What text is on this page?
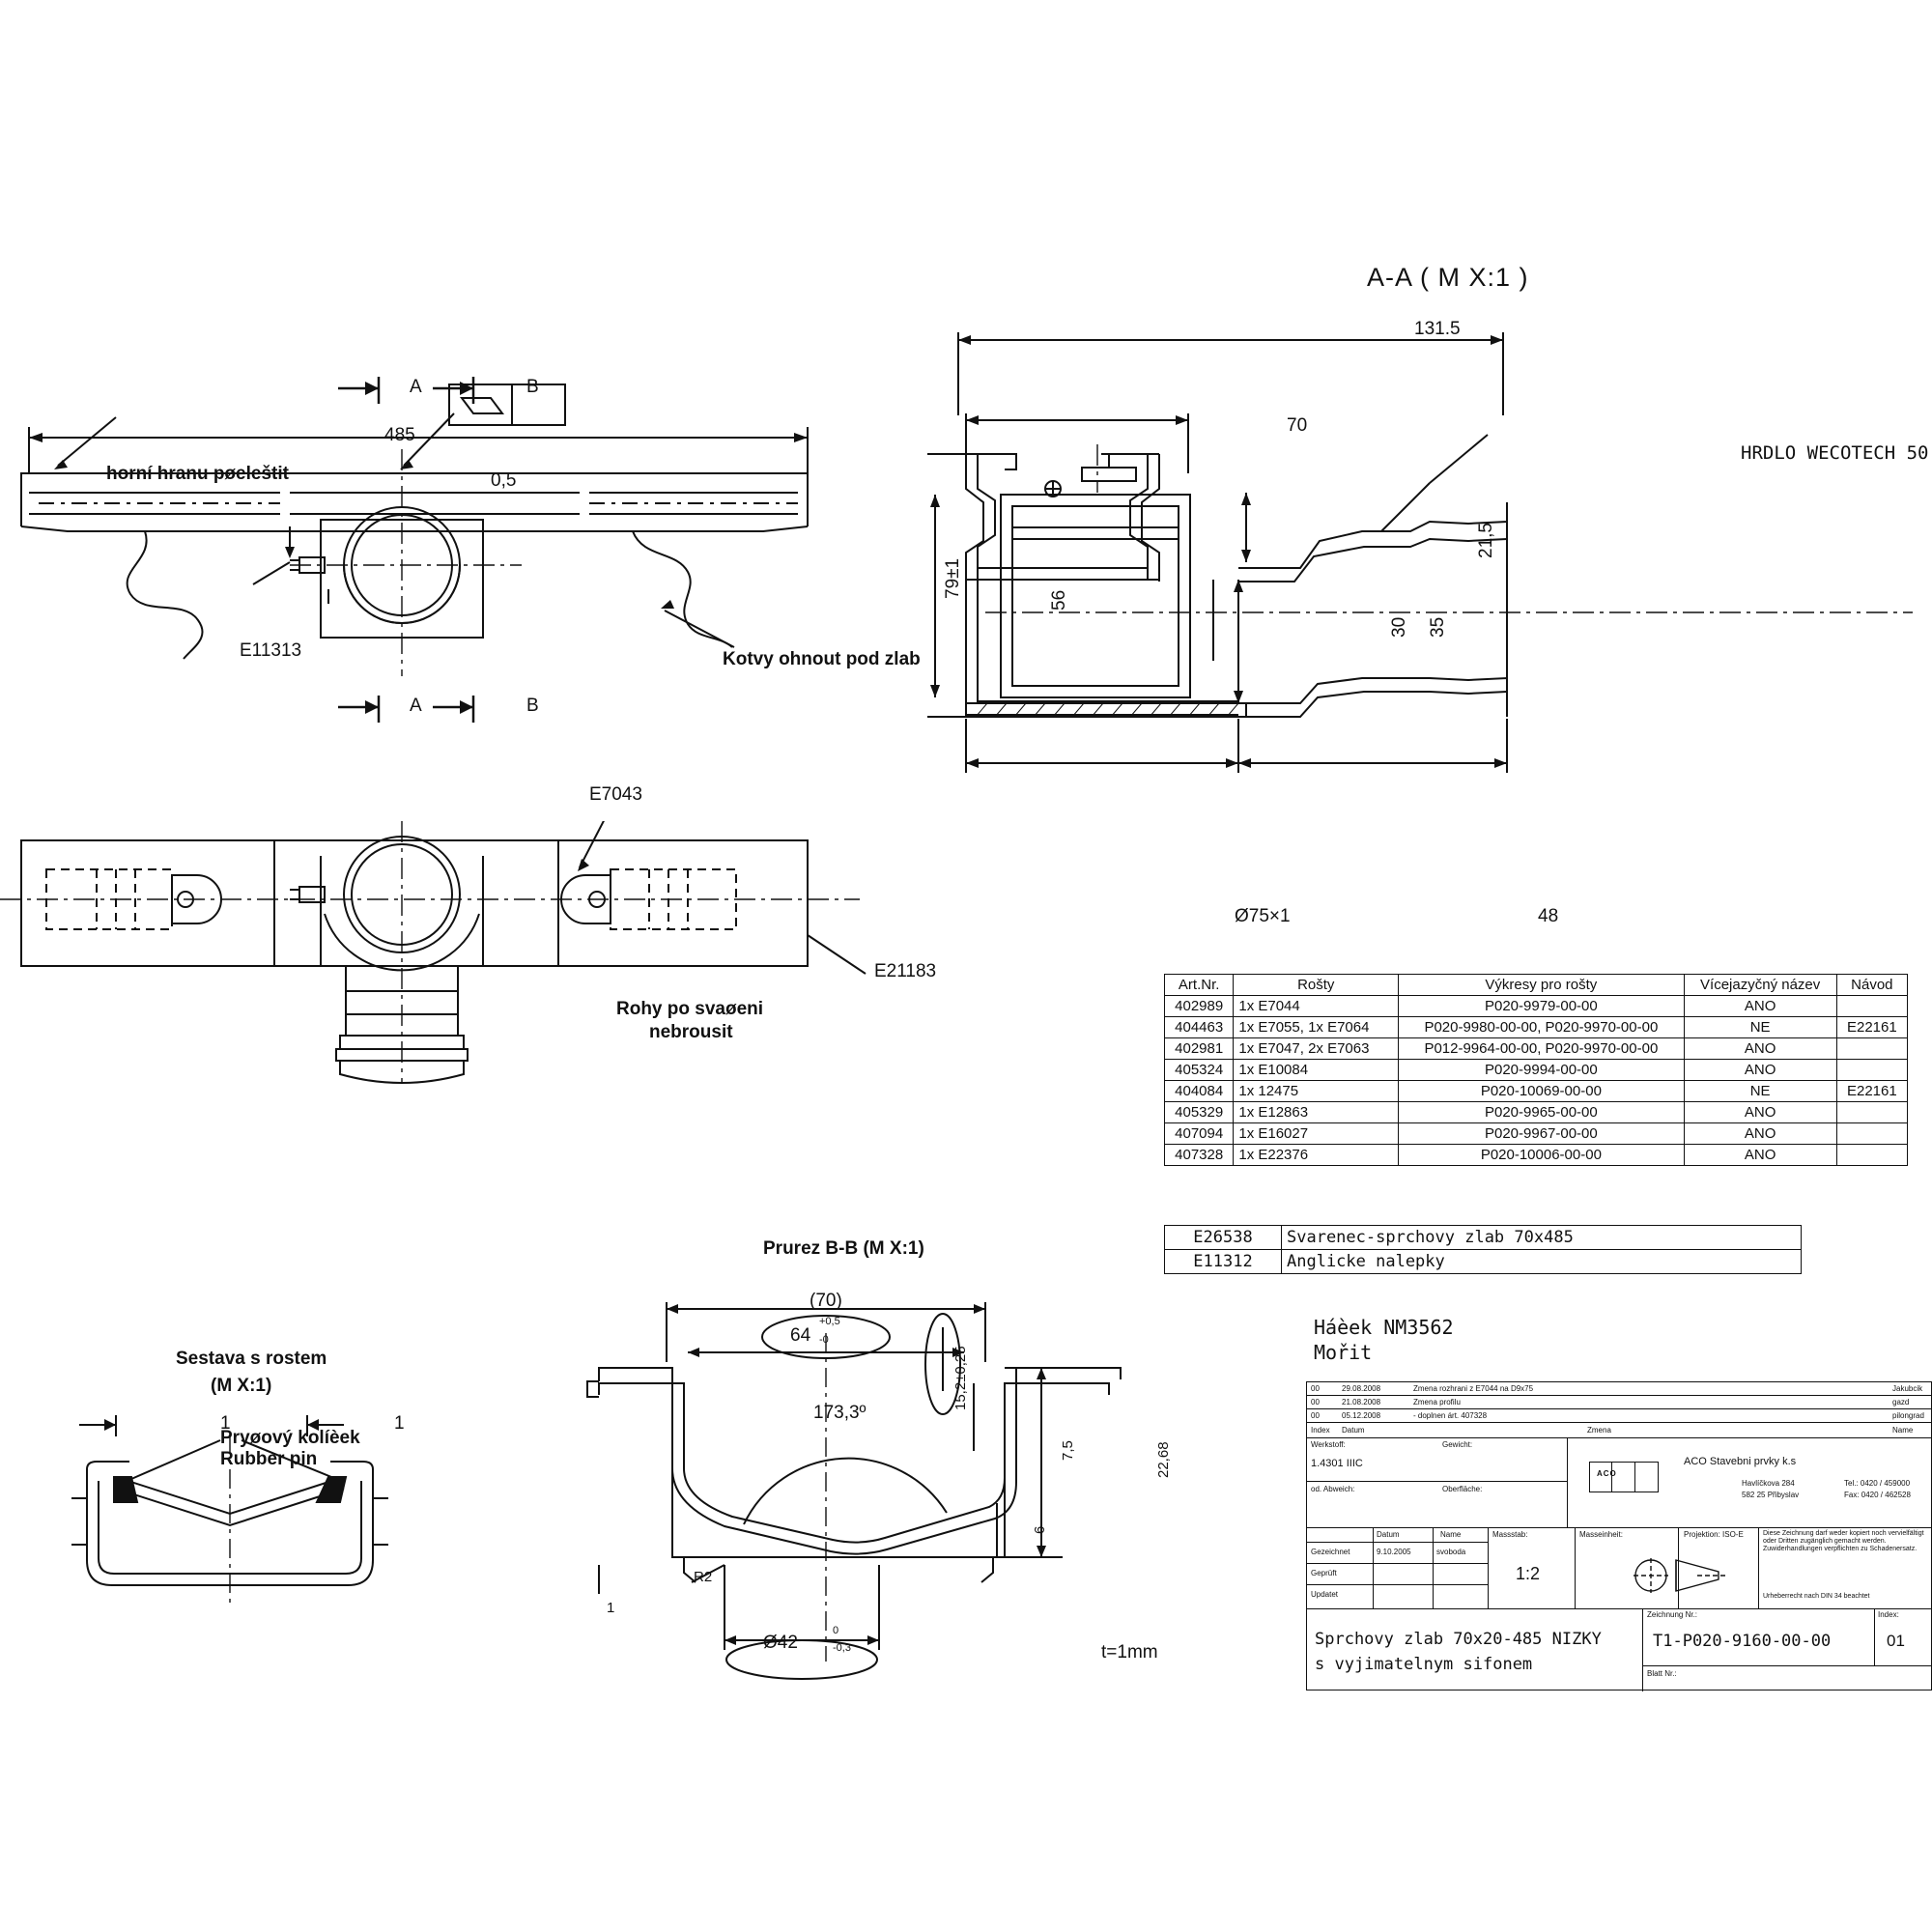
A-A ( M X:1 )
A	B
A	B
485
horní hranu pøeleštit	0,5
E11313	Kotvy ohnout pod zlab
E7043
E21183
Rohy po svaøeni
nebrousit
Sestava s rostem
(M X:1)
1	1
Pryøový kolíèek
Rubber pin
Prurez B-B (M X:1)
(70)
64
+0,5
-0
15,2±0,25
173,3º
7,5
6
22,68
1
R2
Ø42
0
-0,3	t=1mm
131.5
70
79±1
56
21,5
30 35
Ø75×1	48
HRDLO WECOTECH 50
Art.Nr.	Rošty	Výkresy pro rošty	Vícejazyčný název	Návod
402989	1x E7044	P020-9979-00-00	ANO	
404463	1x E7055, 1x E7064	P020-9980-00-00, P020-9970-00-00	NE	E22161
402981	1x E7047, 2x E7063	P012-9964-00-00, P020-9970-00-00	ANO	
405324	1x E10084	P020-9994-00-00	ANO	
404084	1x 12475	P020-10069-00-00	NE	E22161
405329	1x E12863	P020-9965-00-00	ANO	
407094	1x E16027	P020-9967-00-00	ANO	
407328	1x E22376	P020-10006-00-00	ANO	
E26538	Svarenec-sprchovy zlab 70x485
E11312	Anglicke nalepky
Háèek NM3562
Mořit
00	29.08.2008	Zmena rozhrani z E7044 na D9x75	Jakubcik
00	21.08.2008	Zmena profilu	gazd
00	05.12.2008	- doplnen árt. 407328	pilongrad
Index Datum	Zmena	Name
Werkstoff:	Gewicht:
1.4301 IIIC
od. Abweich:	Oberfläche:
ACO
ACO Stavebni prvky k.s
Havlíčkova 284
582 25 Přibyslav
Tel.: 0420 / 459000
Fax: 0420 / 462528
Datum	Name
Gezeichnet	9.10.2005	svoboda
Geprüft
Updatet
Massstab:
1:2
Masseinheit:	Projektion: ISO-E	Diese Zeichnung darf weder kopiert noch vervielfältigt oder Dritten zugänglich gemacht werden. Zuwiderhandlungen verpflichten zu Schadenersatz.
Urheberrecht nach DIN 34 beachtet
Sprchovy zlab 70x20-485 NIZKY
s vyjimatelnym sifonem
Zeichnung Nr.:
T1-P020-9160-00-00
Index:
01
Blatt Nr.:
